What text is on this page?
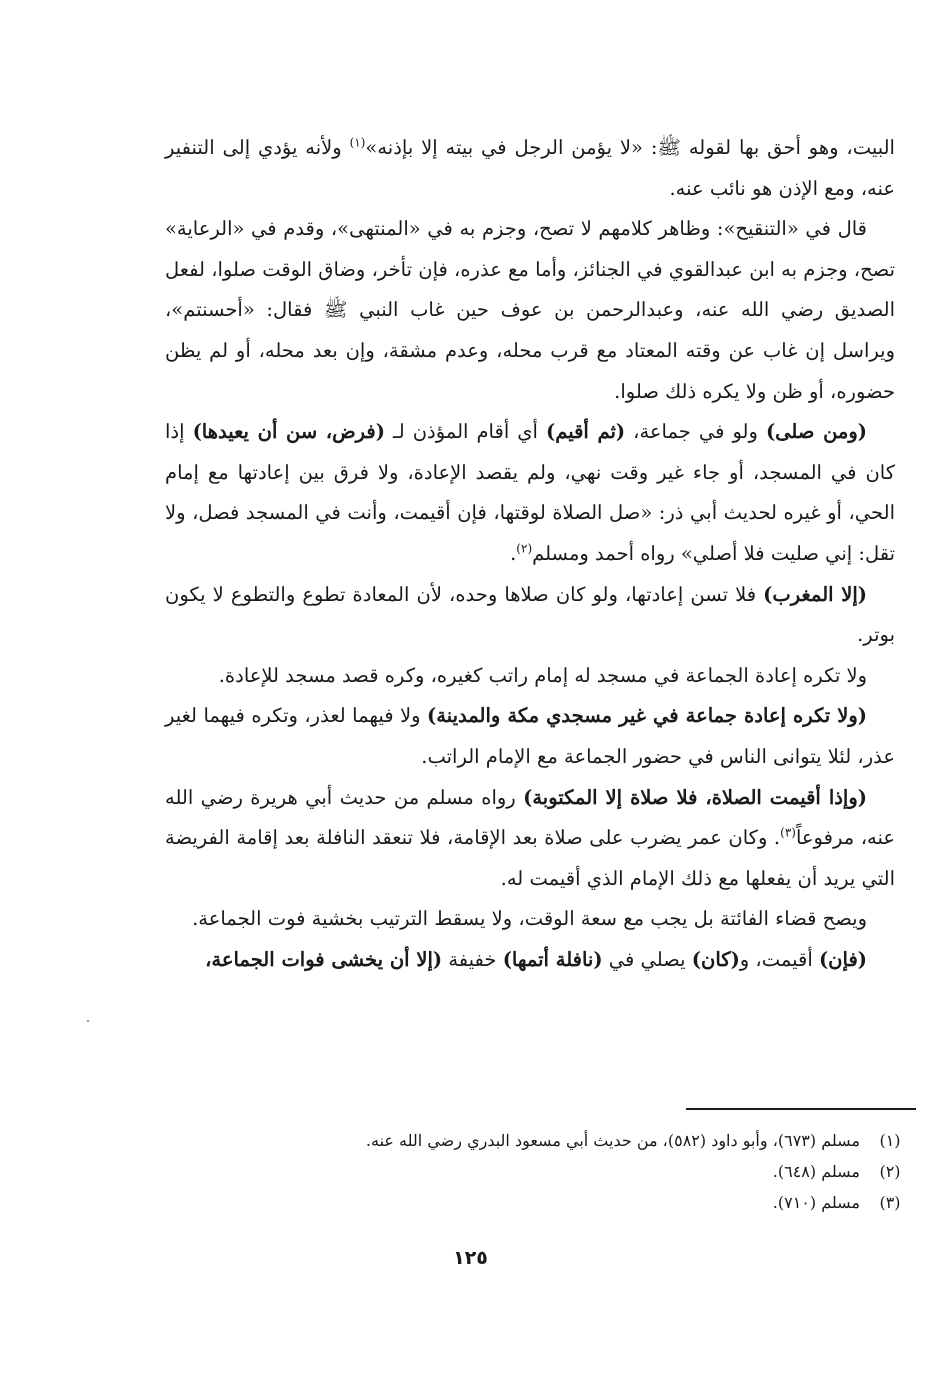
البيت، وهو أحق بها لقوله ﷺ: «لا يؤمن الرجل في بيته إلا بإذنه»$^{(١)}$ ولأنه يؤدي إلى التنفير عنه، ومع الإذن هو نائب عنه.

قال في «التنقيح»: وظاهر كلامهم لا تصح، وجزم به في «المنتهى»، وقدم في «الرعاية» تصح، وجزم به ابن عبدالقوي في الجنائز، وأما مع عذره، فإن تأخر، وضاق الوقت صلوا، لفعل الصديق رضي الله عنه، وعبدالرحمن بن عوف حين غاب النبي ﷺ فقال: «أحسنتم»، ويراسل إن غاب عن وقته المعتاد مع قرب محله، وعدم مشقة، وإن بعد محله، أو لم يظن حضوره، أو ظن ولا يكره ذلك صلوا.

(ومن صلى) ولو في جماعة، (ثم أقيم) أي أقام المؤذن لـ (فرض، سن أن يعيدها) إذا كان في المسجد، أو جاء غير وقت نهي، ولم يقصد الإعادة، ولا فرق بين إعادتها مع إمام الحي، أو غيره لحديث أبي ذر: «صل الصلاة لوقتها، فإن أقيمت، وأنت في المسجد فصل، ولا تقل: إني صليت فلا أصلي» رواه أحمد ومسلم$^{(٢)}$.

(إلا المغرب) فلا تسن إعادتها، ولو كان صلاها وحده، لأن المعادة تطوع والتطوع لا يكون بوتر.

ولا تكره إعادة الجماعة في مسجد له إمام راتب كغيره، وكره قصد مسجد للإعادة.

(ولا تكره إعادة جماعة في غير مسجدي مكة والمدينة) ولا فيهما لعذر، وتكره فيهما لغير عذر، لئلا يتوانى الناس في حضور الجماعة مع الإمام الراتب.

(وإذا أقيمت الصلاة، فلا صلاة إلا المكتوبة) رواه مسلم من حديث أبي هريرة رضي الله عنه، مرفوعاً$^{(٣)}$. وكان عمر يضرب على صلاة بعد الإقامة، فلا تنعقد النافلة بعد إقامة الفريضة التي يريد أن يفعلها مع ذلك الإمام الذي أقيمت له.

ويصح قضاء الفائتة بل يجب مع سعة الوقت، ولا يسقط الترتيب بخشية فوت الجماعة.

(فإن) أقيمت، و(كان) يصلي في (نافلة أتمها) خفيفة (إلا أن يخشى فوات الجماعة،

(١)
مسلم (٦٧٣)، وأبو داود (٥٨٢)، من حديث أبي مسعود البدري رضي الله عنه.
(٢)
مسلم (٦٤٨).
(٣)
مسلم (٧١٠).
١٢٥
